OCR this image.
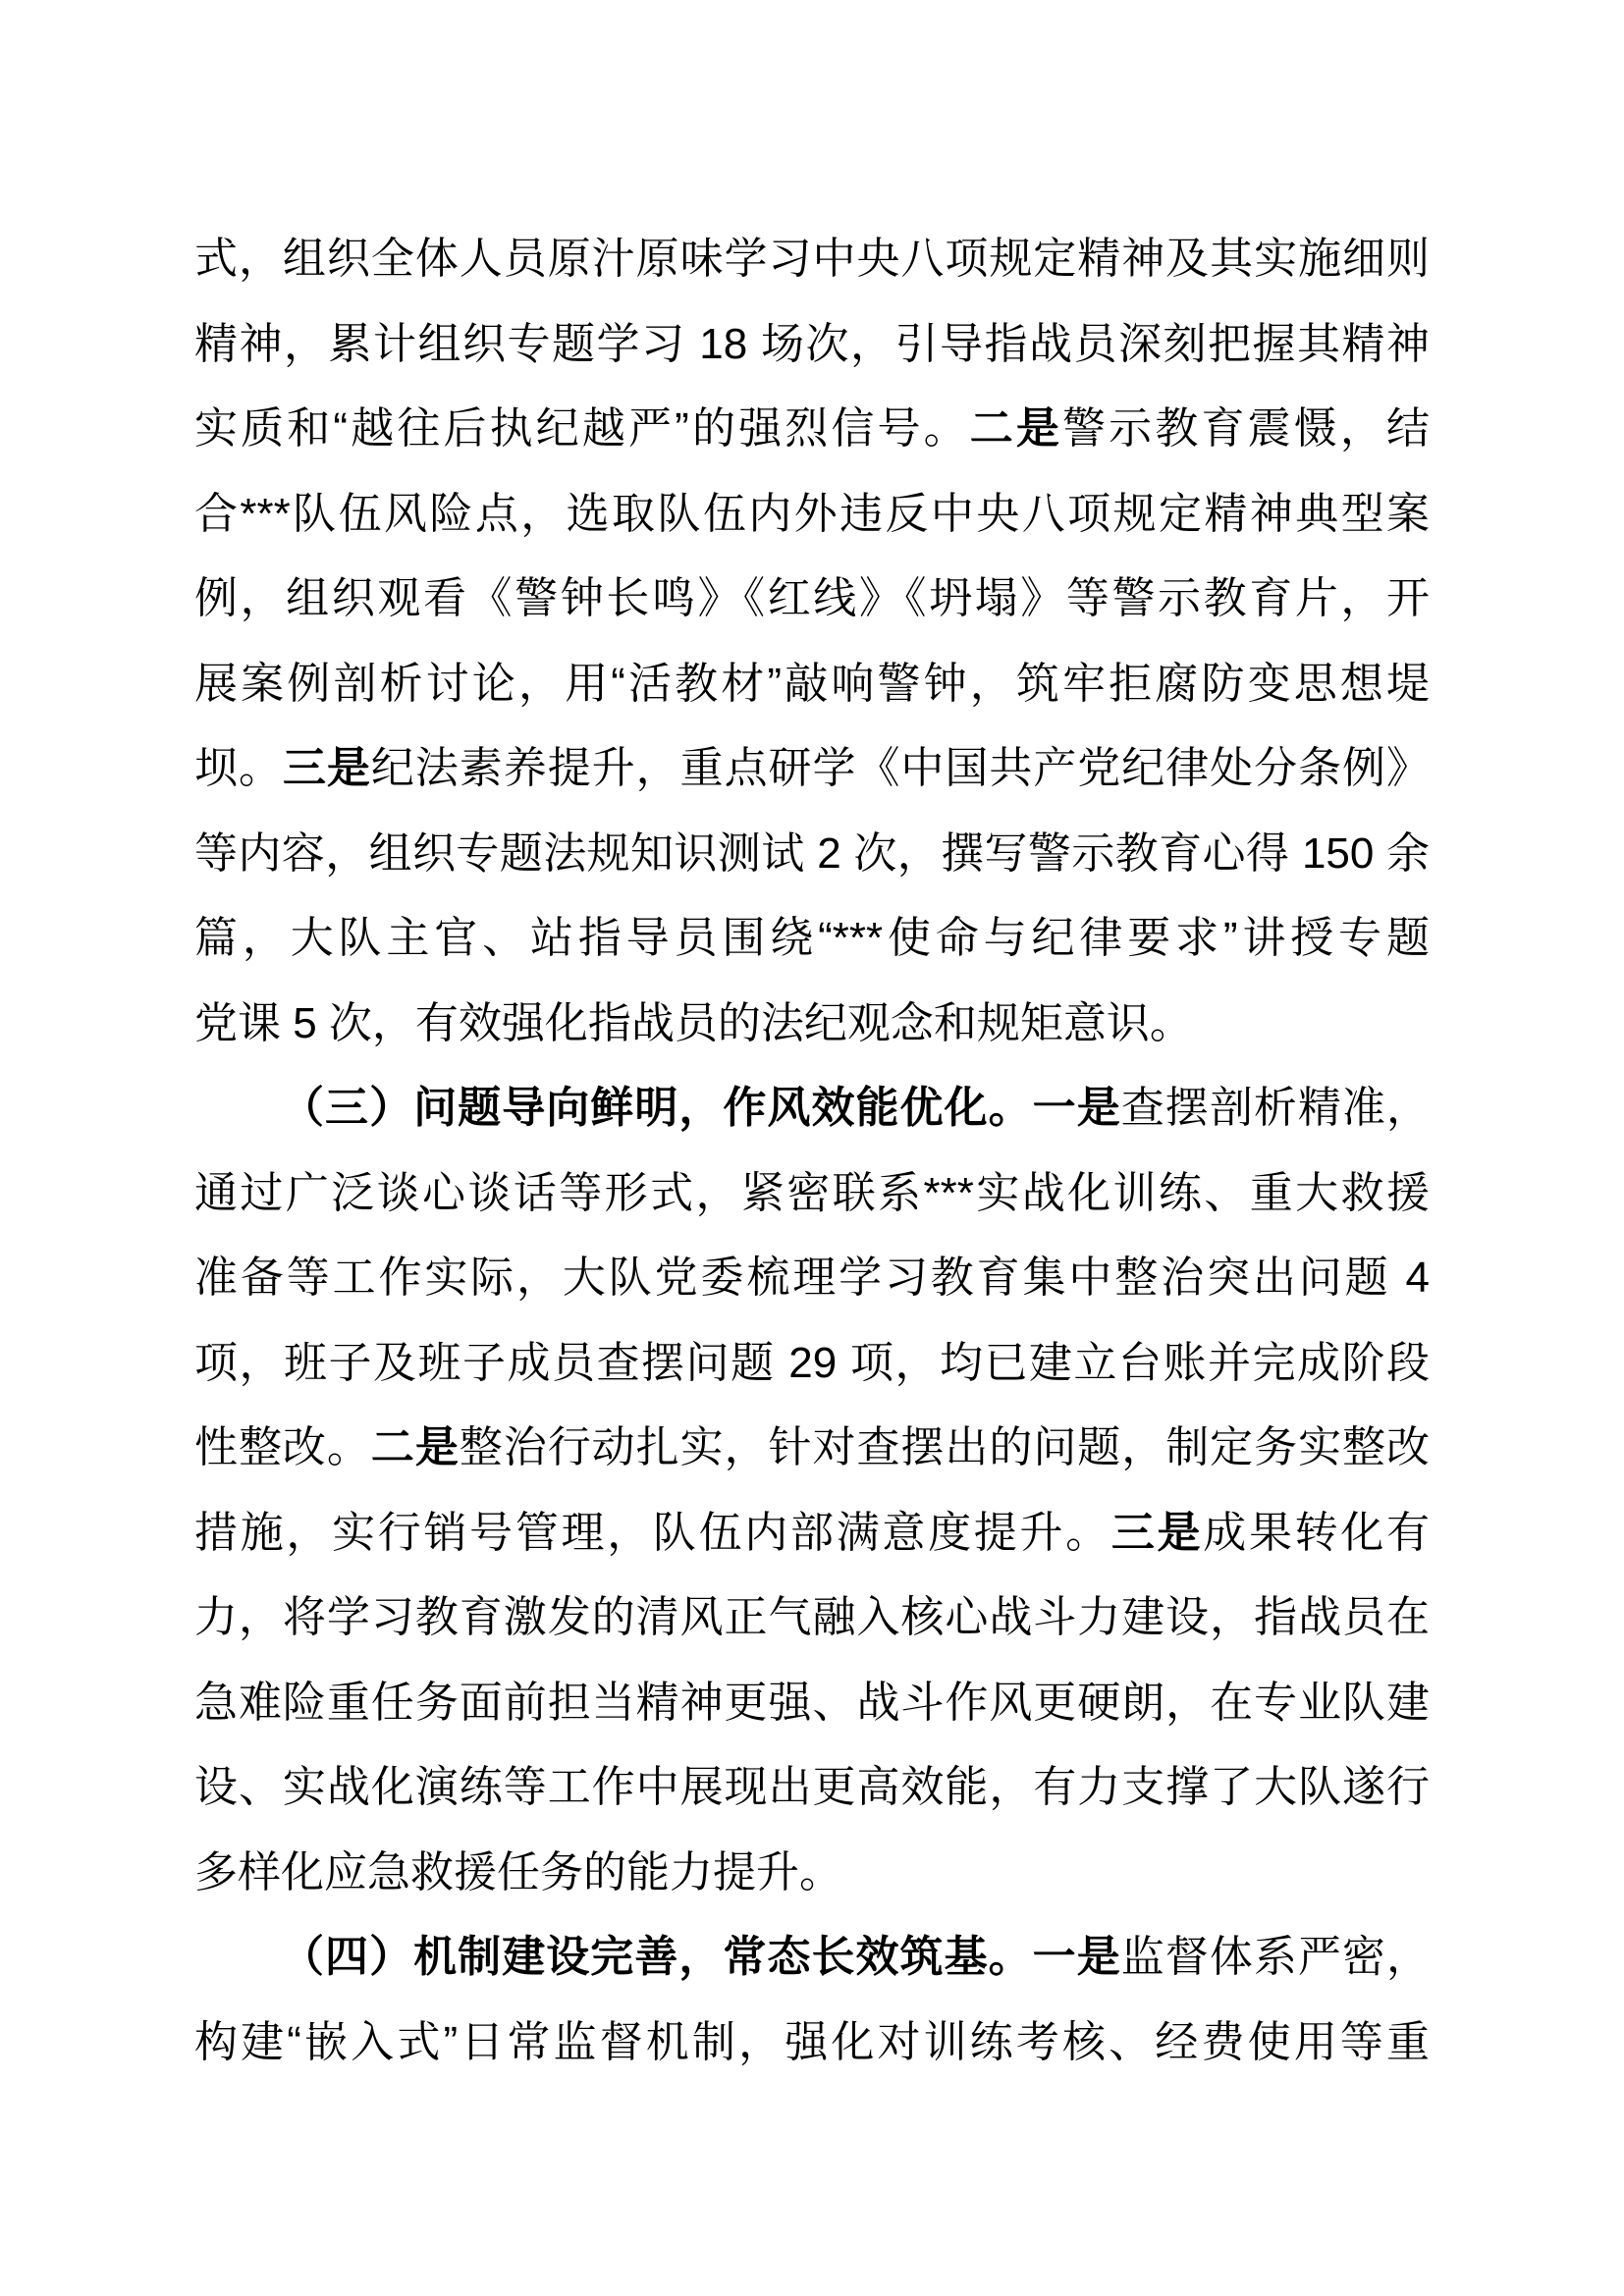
式，组织全体人员原汁原味学习中央八项规定精神及其实施细则
精神，累计组织专题学习 18 场次，引导指战员深刻把握其精神
实质和“越往后执纪越严”的强烈信号。二是警示教育震慑，结
合***队伍风险点，选取队伍内外违反中央八项规定精神典型案
例，组织观看《警钟长鸣》《红线》《坍塌》等警示教育片，开
展案例剖析讨论，用“活教材”敲响警钟，筑牢拒腐防变思想堤
坝。三是纪法素养提升，重点研学《中国共产党纪律处分条例》
等内容，组织专题法规知识测试 2 次，撰写警示教育心得 150 余
篇，大队主官、站指导员围绕“***使命与纪律要求”讲授专题
党课 5 次，有效强化指战员的法纪观念和规矩意识。
（三）问题导向鲜明，作风效能优化。一是查摆剖析精准，
通过广泛谈心谈话等形式，紧密联系***实战化训练、重大救援
准备等工作实际，大队党委梳理学习教育集中整治突出问题 4
项，班子及班子成员查摆问题 29 项，均已建立台账并完成阶段
性整改。二是整治行动扎实，针对查摆出的问题，制定务实整改
措施，实行销号管理，队伍内部满意度提升。三是成果转化有
力，将学习教育激发的清风正气融入核心战斗力建设，指战员在
急难险重任务面前担当精神更强、战斗作风更硬朗，在专业队建
设、实战化演练等工作中展现出更高效能，有力支撑了大队遂行
多样化应急救援任务的能力提升。
（四）机制建设完善，常态长效筑基。一是监督体系严密，
构建“嵌入式”日常监督机制，强化对训练考核、经费使用等重
